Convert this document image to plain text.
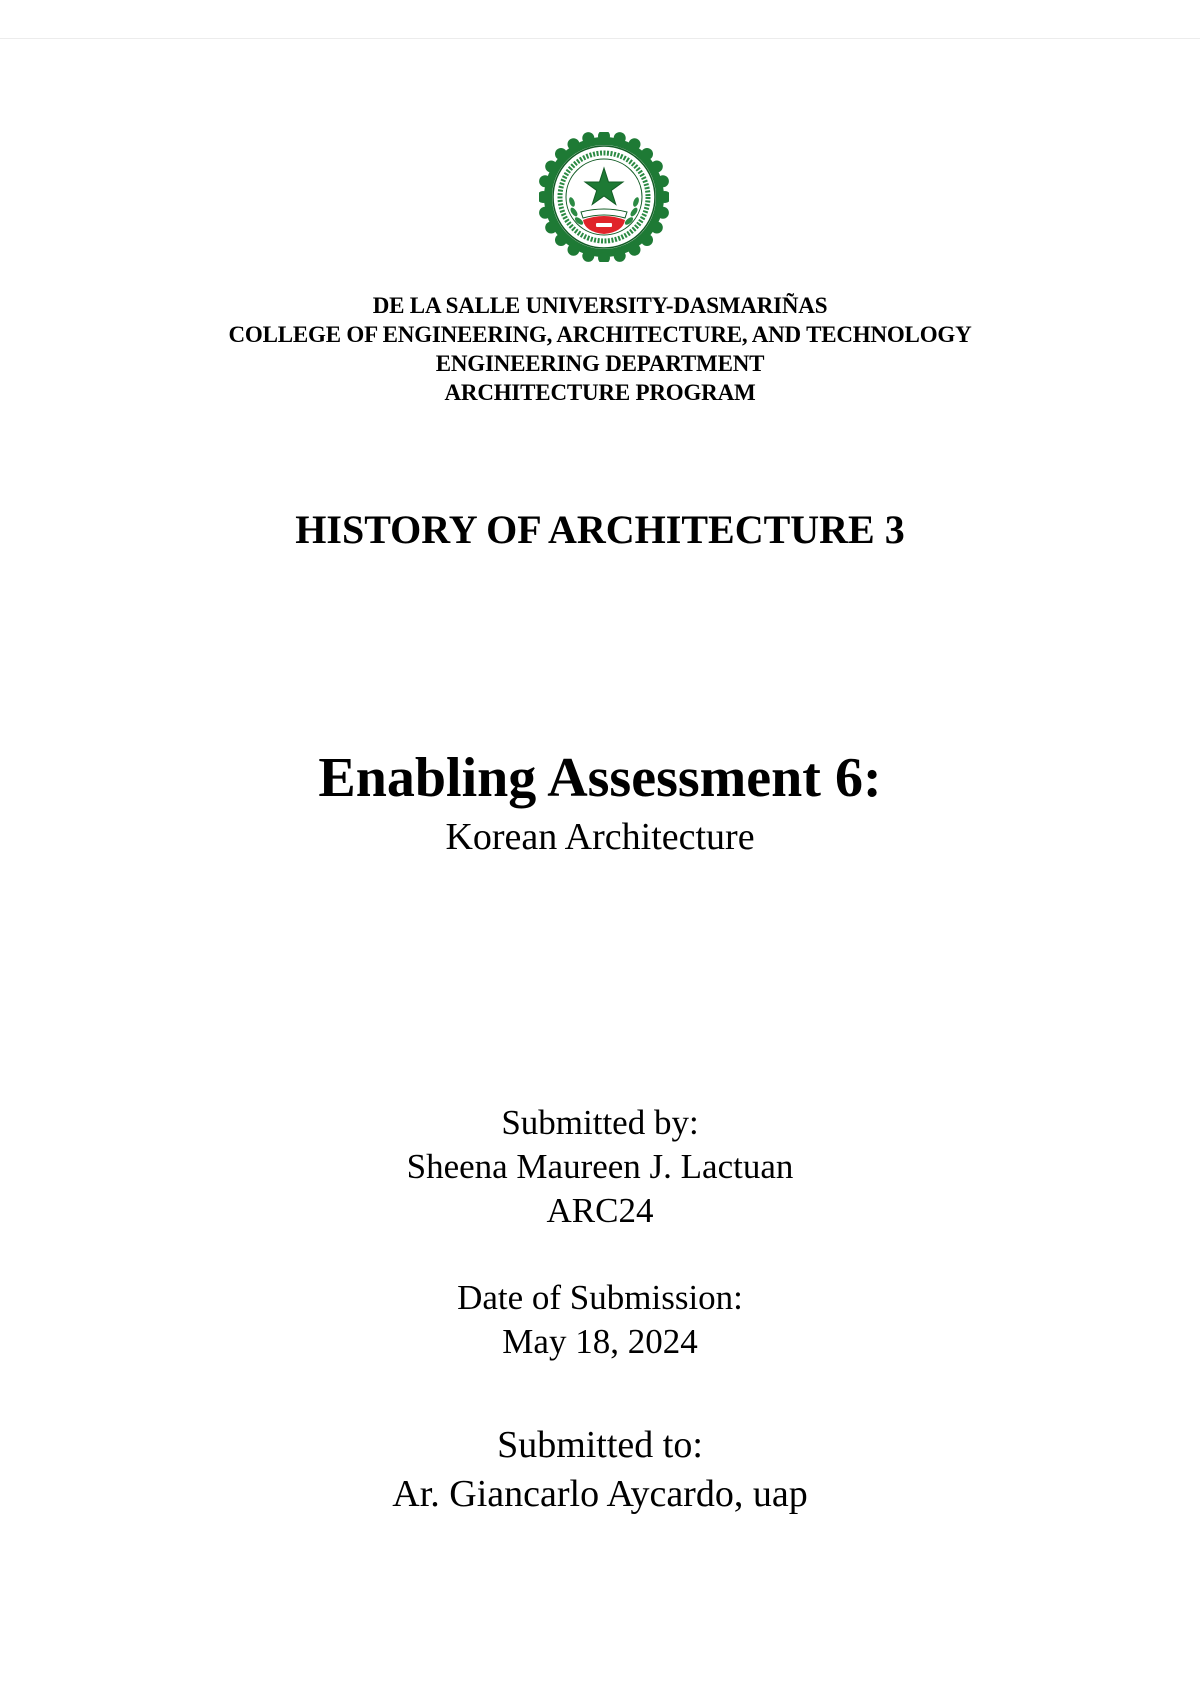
DE LA SALLE UNIVERSITY-DASMARIÑAS
COLLEGE OF ENGINEERING, ARCHITECTURE, AND TECHNOLOGY
ENGINEERING DEPARTMENT
ARCHITECTURE PROGRAM
HISTORY OF ARCHITECTURE 3
Enabling Assessment 6:
Korean Architecture
Submitted by:
Sheena Maureen J. Lactuan
ARC24
Date of Submission:
May 18, 2024
Submitted to:
Ar. Giancarlo Aycardo, uap
